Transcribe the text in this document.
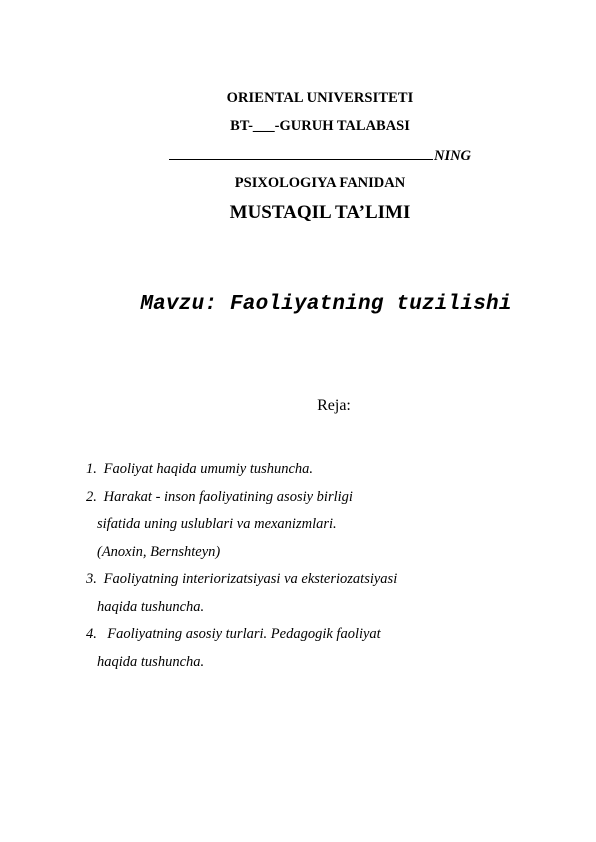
ORIENTAL UNIVERSITETI
BT-___-GURUH TALABASI
NING
PSIXOLOGIYA FANIDAN
MUSTAQIL TA’LIMI
Mavzu: Faoliyatning tuzilishi
Reja:
1. Faoliyat haqida umumiy tushuncha.
2. Harakat - inson faoliyatining asosiy birligi
sifatida uning uslublari va mexanizmlari.
(Anoxin, Bernshteyn)
3. Faoliyatning interiorizatsiyasi va eksteriozatsiyasi
haqida tushuncha.
4.  Faoliyatning asosiy turlari. Pedagogik faoliyat
haqida tushuncha.
